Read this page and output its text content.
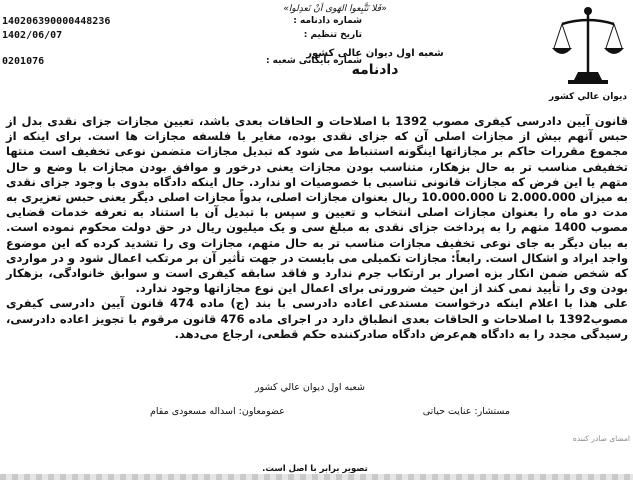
دیوان عالي کشور
«فَلا تَتَّبِعوا الهَوى اَنْ تَعدِلوا»
شماره دادنامه :
140206390000448236
تاریخ تنظیم :
1402/06/07
شماره بایگانی شعبه :
0201076
شعبه اول دیوان عالی کشور
دادنامه

قانون آیین دادرسی کیفری مصوب 1392 با اصلاحات و الحاقات بعدی باشد، تعیین مجازات جزای نقدی بدل از حبس آنهم بیش از مجازات اصلی آن که جزای نقدی بوده، مغایر با فلسفه مجازات ها است. برای اینکه از مجموع مقررات حاکم بر مجازاتها اینگونه استنباط می شود که تبدیل مجازات متضمن نوعی تخفیف است منتها تخفیفی مناسب تر به حال بزهکار، متناسب بودن مجازات یعنی درخور و موافق بودن مجازات با وضع و حال متهم یا این فرض که مجازات قانونی تناسبی با خصوصیات او ندارد. حال اینکه دادگاه بدوی با وجود جزای نقدی به میزان 2.000.000 تا 10.000.000 ریال بعنوان مجازات اصلی، بدواً مجازات اصلی دیگر یعنی حبس تعزیری به مدت دو ماه را بعنوان مجازات اصلی انتخاب و تعیین و سپس با تبدیل آن با استناد به تعرفه خدمات قضایی مصوب 1400 متهم را به پرداخت جزای نقدی به مبلغ سی و یک میلیون ریال در حق دولت محکوم نموده است. به بیان دیگر به جای نوعی تخفیف مجازات مناسب تر به حال متهم، مجازات وی را تشدید کرده که این موضوع واجد ایراد و اشکال است. رابعاً: مجازات تکمیلی می بایست در جهت تأثیر آن بر مرتکب اعمال شود و در مواردی که شخص ضمن انکار بزه اصرار بر ارتکاب جرم ندارد و فاقد سابقه کیفری است و سوابق خانوادگی، بزهکار بودن وی را تأیید نمی کند از این حیث ضرورتی برای اعمال این نوع مجازاتها وجود ندارد.

علی هذا با اعلام اینکه درخواست مستدعی اعاده دادرسی با بند (ج) ماده 474 قانون آیین دادرسی کیفری مصوب1392 با اصلاحات و الحاقات بعدی انطباق دارد در اجرای ماده 476 قانون مرقوم با تجویز اعاده دادرسی، رسیدگی مجدد را به دادگاه هم‌عرض دادگاه صادرکننده حکم قطعی، ارجاع می‌دهد.

شعبه اول دیوان عالي کشور
مستشار: عنایت حیاتی
عضومعاون: اسداله مسعودی مقام
امضای صادر کننده
تصویر برابر با اصل است.
